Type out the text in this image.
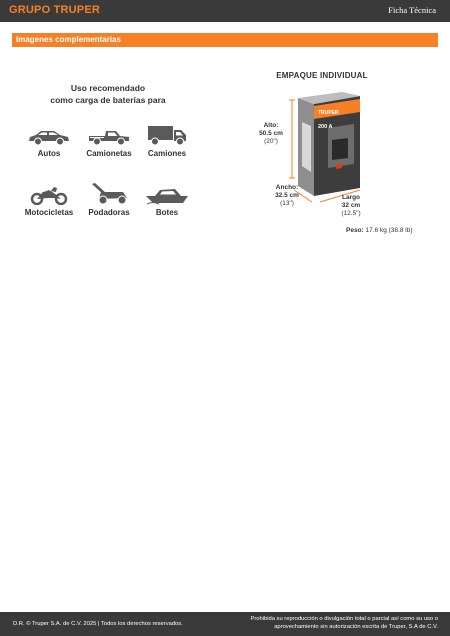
GRUPO TRUPER	Ficha Técnica
Imagenes complementarias
Uso recomendado
como carga de baterías para
Autos	Camionetas	Camiones
Motocicletas	Podadoras	Botes
EMPAQUE INDIVIDUAL
TRUPER
200 A
Alto:
50.5 cm
(20")
Ancho:
32.5 cm
(13")
Largo
32 cm
(12.5")
Peso: 17.6 kg (38.8 lb)
D.R. © Truper S.A. de C.V. 2025 | Todos los derechos reservados.
Prohibida su reproducción o divulgación total o parcial así como su uso o
aprovechamiento sin autorización escrita de Truper, S.A de C.V.
